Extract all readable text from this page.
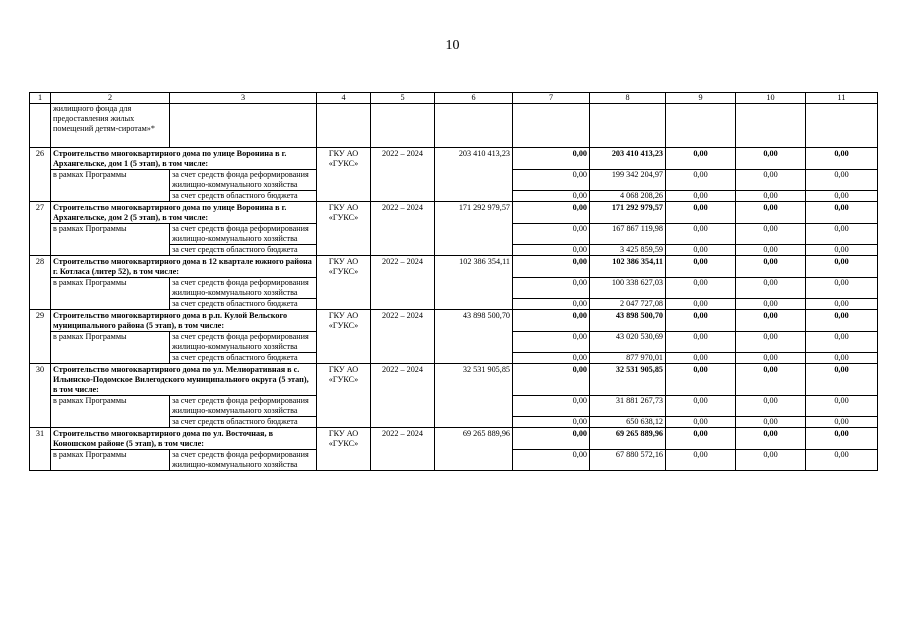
10
1	2	3	4	5	6	7	8	9	10	11
	жилищного фонда для предоставления жилых помещений детям-сиротам»*									
26	Строительство многоквартирного дома по улице Воронина в г. Архангельске, дом 1 (5 этап), в том числе:		ГКУ АО «ГУКС»	2022 – 2024	203 410 413,23	0,00	203 410 413,23	0,00	0,00	0,00
	в рамках Программы	за счет средств фонда реформирования жилищно-коммунального хозяйства				0,00	199 342 204,97	0,00	0,00	0,00
		за счет средств областного бюджета				0,00	4 068 208,26	0,00	0,00	0,00
27	Строительство многоквартирного дома по улице Воронина в г. Архангельске, дом 2 (5 этап), в том числе:		ГКУ АО «ГУКС»	2022 – 2024	171 292 979,57	0,00	171 292 979,57	0,00	0,00	0,00
	в рамках Программы	за счет средств фонда реформирования жилищно-коммунального хозяйства				0,00	167 867 119,98	0,00	0,00	0,00
		за счет средств областного бюджета				0,00	3 425 859,59	0,00	0,00	0,00
28	Строительство многоквартирного дома в 12 квартале южного района г. Котласа (литер 52), в том числе:		ГКУ АО «ГУКС»	2022 – 2024	102 386 354,11	0,00	102 386 354,11	0,00	0,00	0,00
	в рамках Программы	за счет средств фонда реформирования жилищно-коммунального хозяйства				0,00	100 338 627,03	0,00	0,00	0,00
		за счет средств областного бюджета				0,00	2 047 727,08	0,00	0,00	0,00
29	Строительство многоквартирного дома в р.п. Кулой Вельского муниципального района (5 этап), в том числе:		ГКУ АО «ГУКС»	2022 – 2024	43 898 500,70	0,00	43 898 500,70	0,00	0,00	0,00
	в рамках Программы	за счет средств фонда реформирования жилищно-коммунального хозяйства				0,00	43 020 530,69	0,00	0,00	0,00
		за счет средств областного бюджета				0,00	877 970,01	0,00	0,00	0,00
30	Строительство многоквартирного дома по ул. Мелиоративная в с. Ильинско-Подомское Вилегодского муниципального округа (5 этап), в том числе:		ГКУ АО «ГУКС»	2022 – 2024	32 531 905,85	0,00	32 531 905,85	0,00	0,00	0,00
	в рамках Программы	за счет средств фонда реформирования жилищно-коммунального хозяйства				0,00	31 881 267,73	0,00	0,00	0,00
		за счет средств областного бюджета				0,00	650 638,12	0,00	0,00	0,00
31	Строительство многоквартирного дома по ул. Восточная, в Коношском районе (5 этап), в том числе:		ГКУ АО «ГУКС»	2022 – 2024	69 265 889,96	0,00	69 265 889,96	0,00	0,00	0,00
	в рамках Программы	за счет средств фонда реформирования жилищно-коммунального хозяйства				0,00	67 880 572,16	0,00	0,00	0,00
